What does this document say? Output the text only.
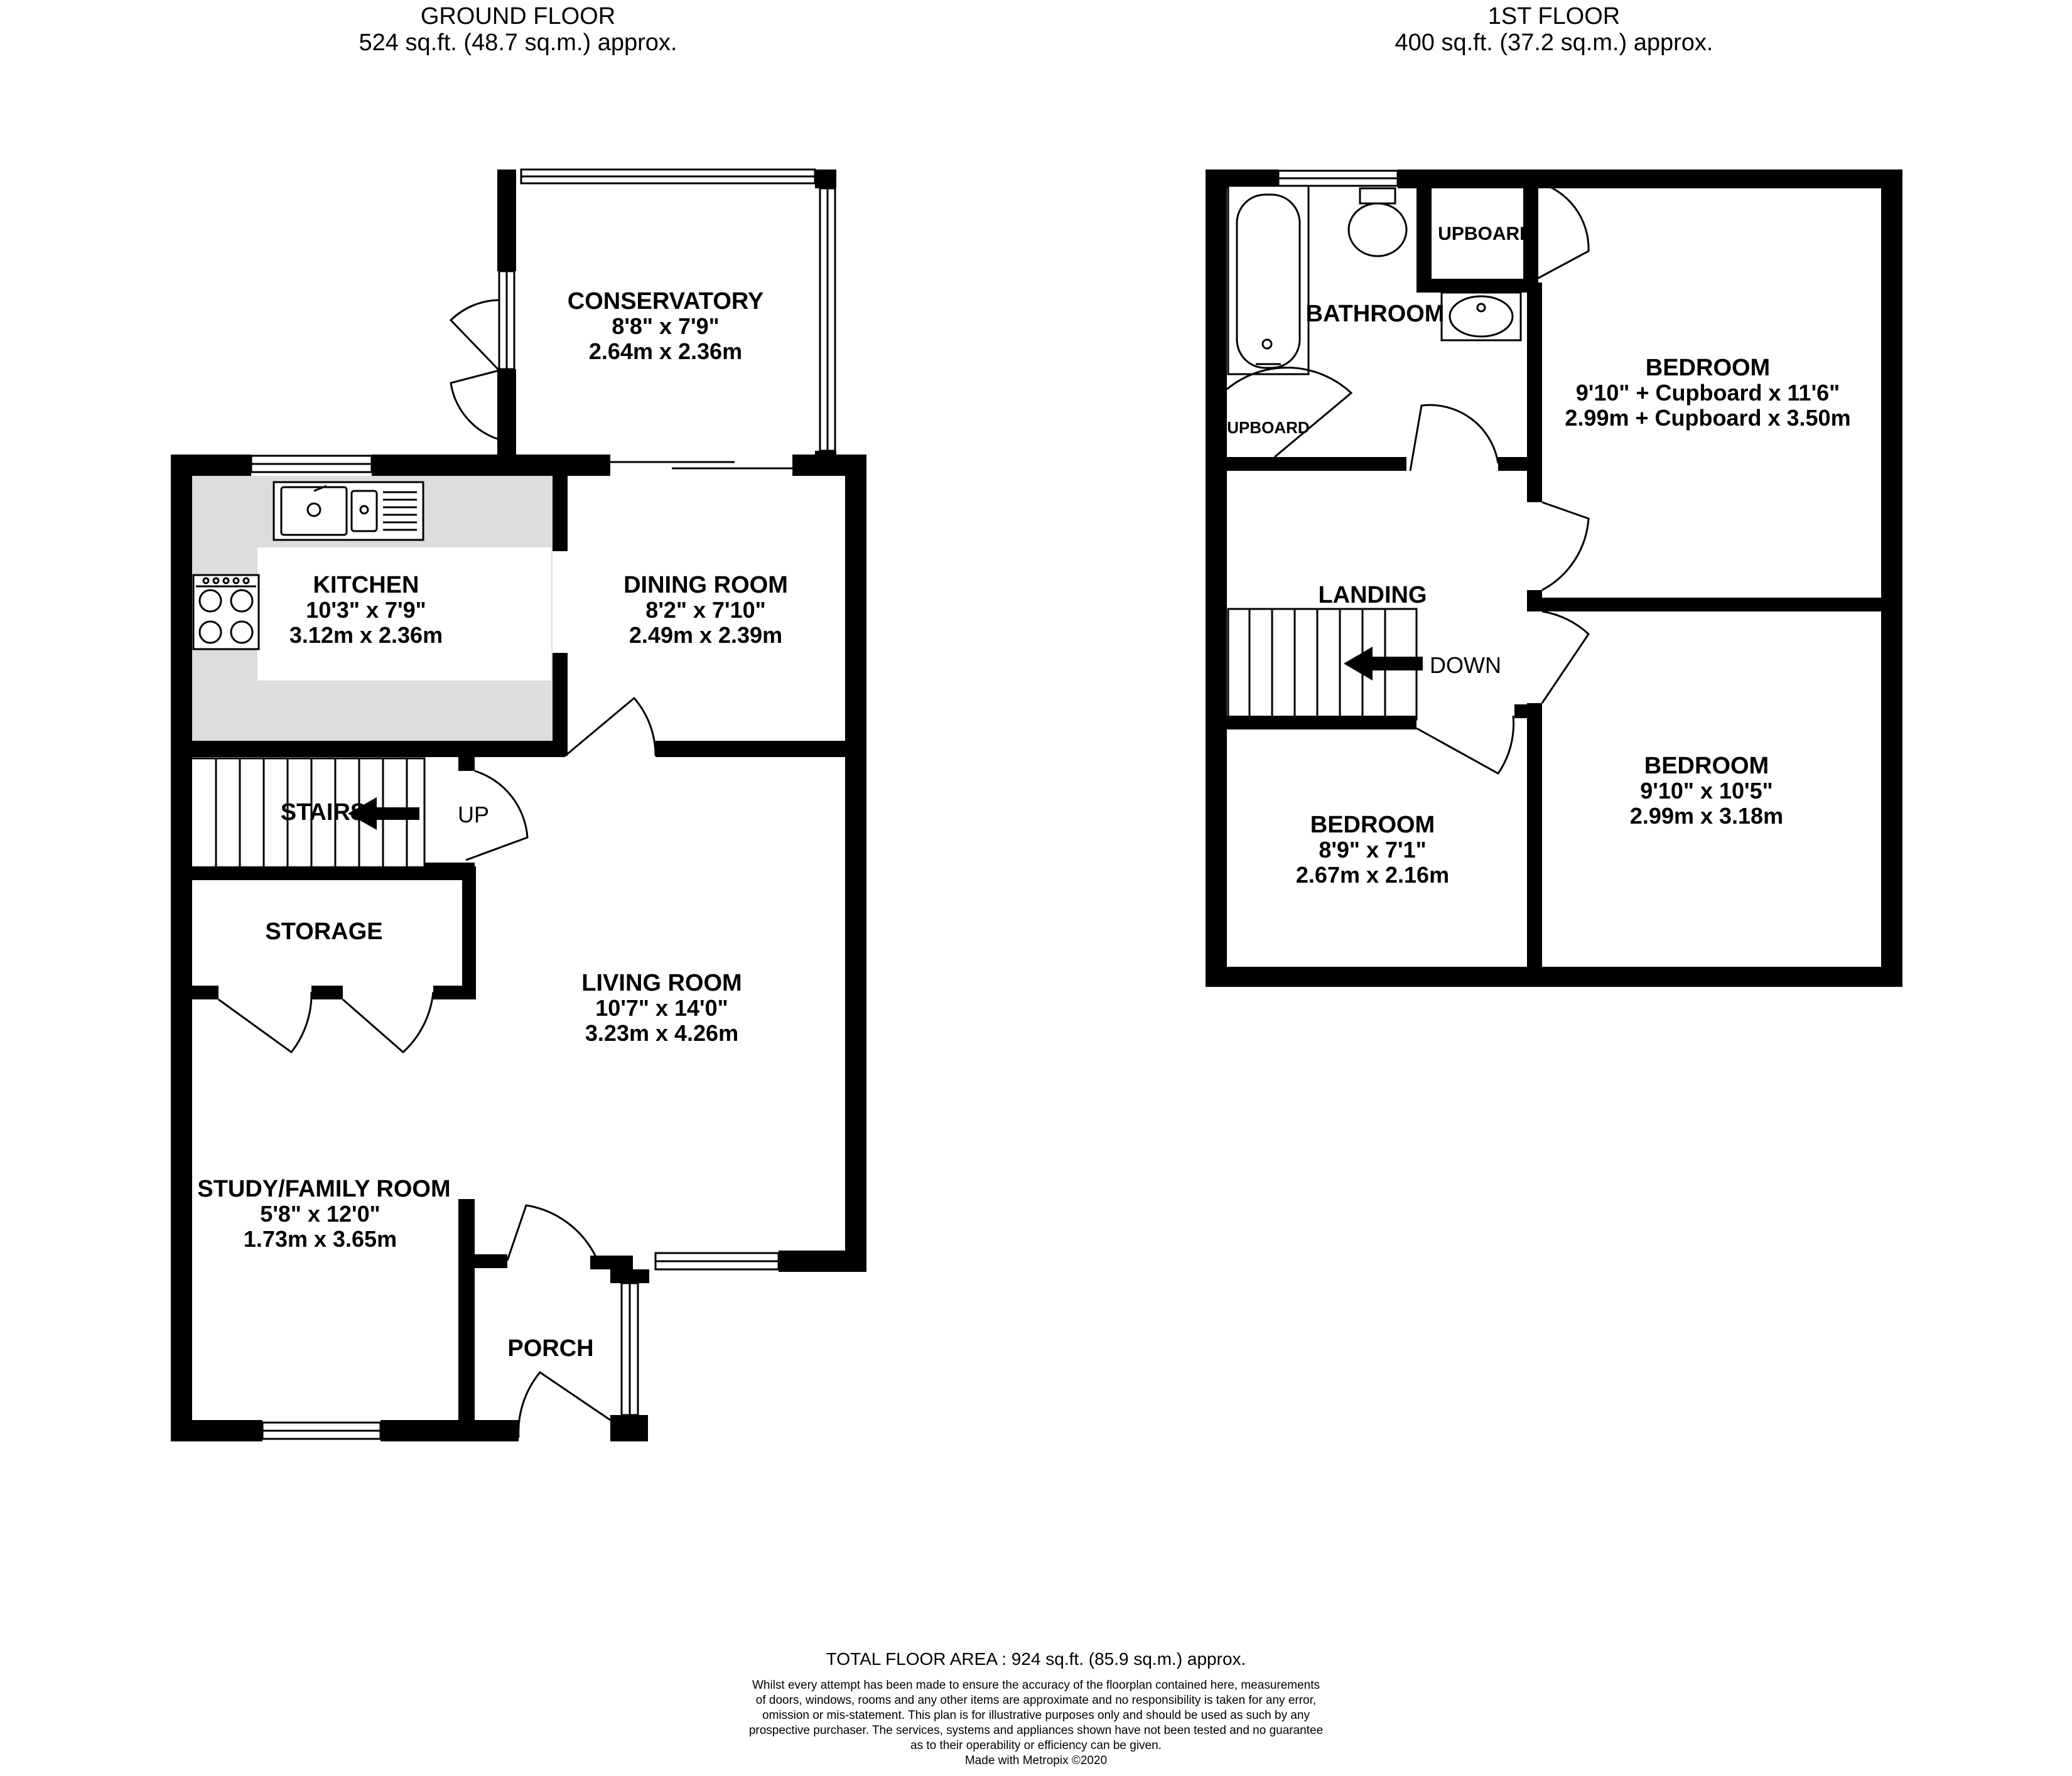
GROUND FLOOR
524 sq.ft. (48.7 sq.m.) approx.
1ST FLOOR
400 sq.ft. (37.2 sq.m.) approx.
CONSERVATORY
8'8" x 7'9"
2.64m x 2.36m
KITCHEN
10'3" x 7'9"
3.12m x 2.36m
DINING ROOM
8'2" x 7'10"
2.49m x 2.39m
STAIRS	UP
STORAGE
LIVING ROOM
10'7" x 14'0"
3.23m x 4.26m
STUDY/FAMILY ROOM
5'8" x 12'0"
1.73m x 3.65m
PORCH
UPBOARD
UPBOARD
BATHROOM
BEDROOM
9'10" + Cupboard x 11'6"
2.99m + Cupboard x 3.50m
LANDING
DOWN
BEDROOM
9'10" x 10'5"
2.99m x 3.18m
BEDROOM
8'9" x 7'1"
2.67m x 2.16m
TOTAL FLOOR AREA : 924 sq.ft. (85.9 sq.m.) approx.
Whilst every attempt has been made to ensure the accuracy of the floorplan contained here, measurements
of doors, windows, rooms and any other items are approximate and no responsibility is taken for any error,
omission or mis-statement. This plan is for illustrative purposes only and should be used as such by any
prospective purchaser. The services, systems and appliances shown have not been tested and no guarantee
as to their operability or efficiency can be given.
Made with Metropix ©2020
